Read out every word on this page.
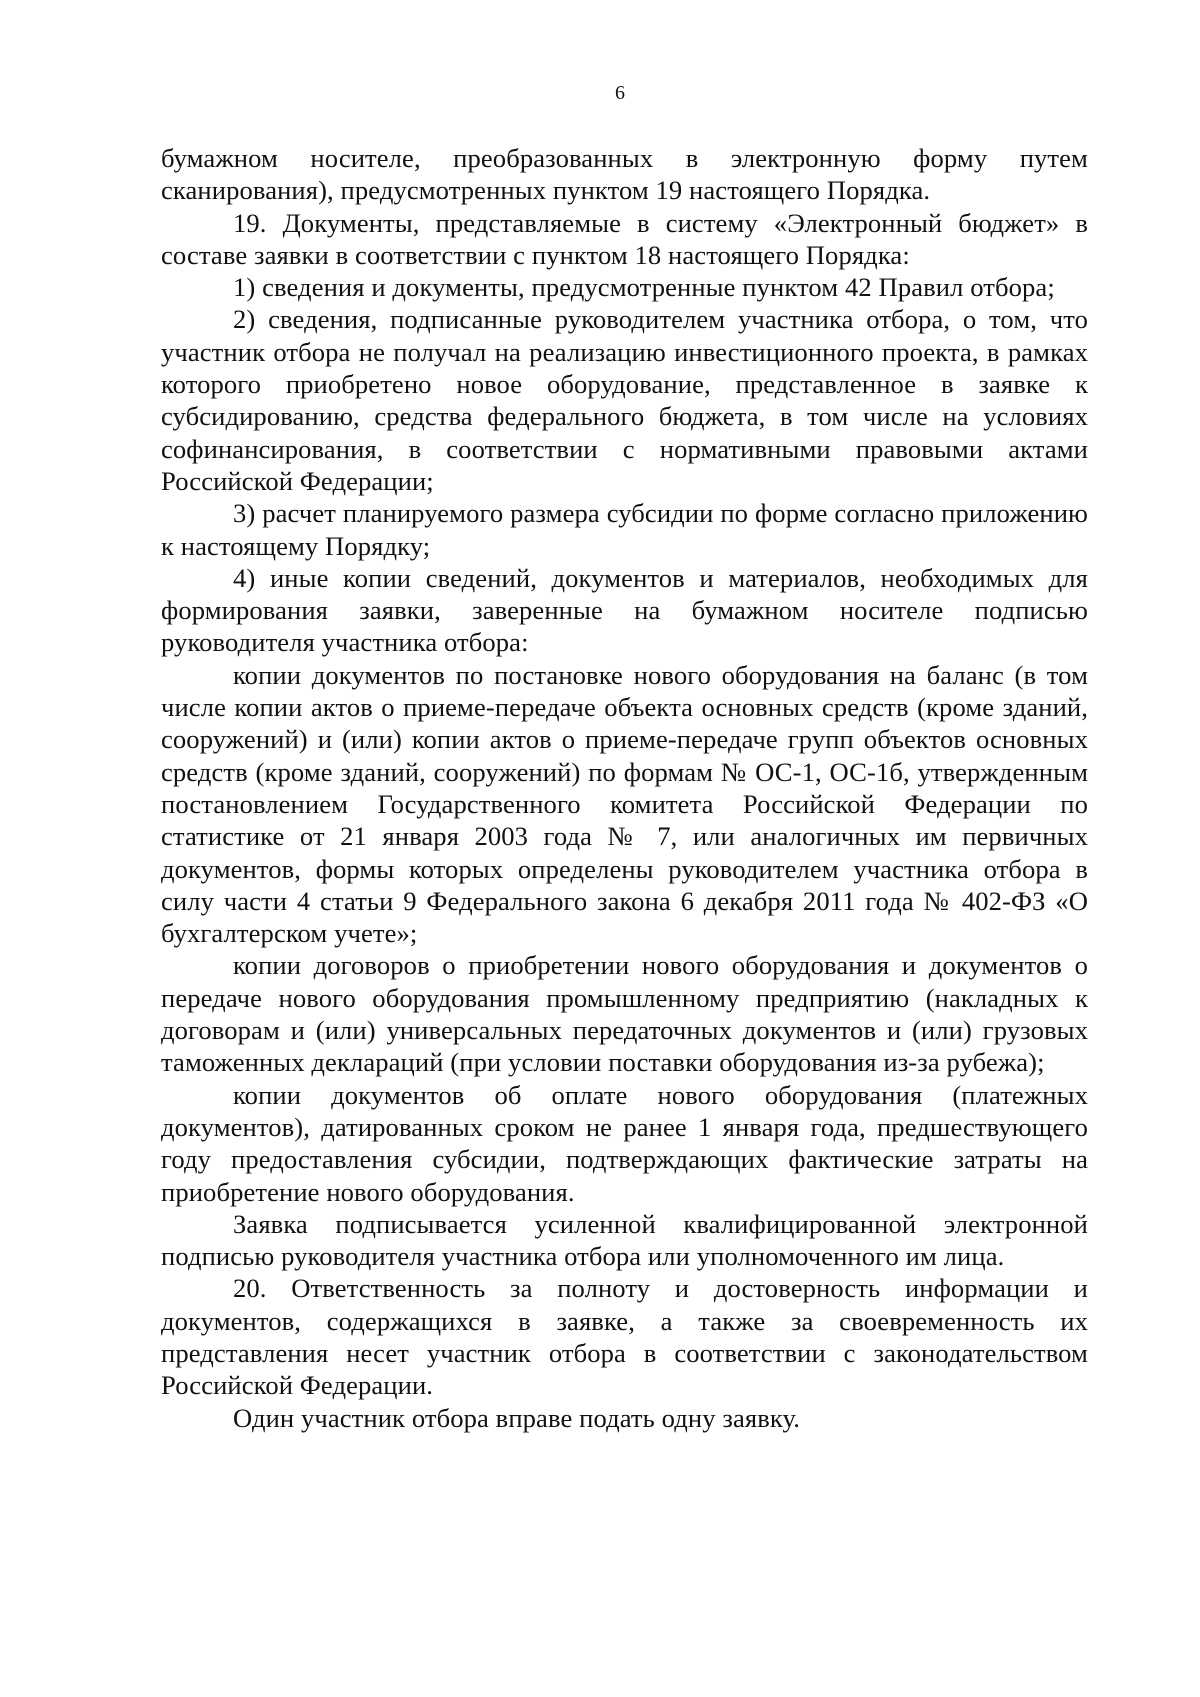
6

бумажном носителе, преобразованных в электронную форму путем сканирования), предусмотренных пунктом 19 настоящего Порядка.

19. Документы, представляемые в систему «Электронный бюджет» в составе заявки в соответствии с пунктом 18 настоящего Порядка:

1) сведения и документы, предусмотренные пунктом 42 Правил отбора;

2) сведения, подписанные руководителем участника отбора, о том, что участник отбора не получал на реализацию инвестиционного проекта, в рамках которого приобретено новое оборудование, представленное в заявке к субсидированию, средства федерального бюджета, в том числе на условиях софинансирования, в соответствии с нормативными правовыми актами Российской Федерации;

3) расчет планируемого размера субсидии по форме согласно приложению к настоящему Порядку;

4) иные копии сведений, документов и материалов, необходимых для формирования заявки, заверенные на бумажном носителе подписью руководителя участника отбора:

копии документов по постановке нового оборудования на баланс (в том числе копии актов о приеме-передаче объекта основных средств (кроме зданий, сооружений) и (или) копии актов о приеме-передаче групп объектов основных средств (кроме зданий, сооружений) по формам № ОС-1, ОС-1б, утвержденным постановлением Государственного комитета Российской Федерации по статистике от 21 января 2003 года № 7, или аналогичных им первичных документов, формы которых определены руководителем участника отбора в силу части 4 статьи 9 Федерального закона 6 декабря 2011 года № 402-ФЗ «О бухгалтерском учете»;

копии договоров о приобретении нового оборудования и документов о передаче нового оборудования промышленному предприятию (накладных к договорам и (или) универсальных передаточных документов и (или) грузовых таможенных деклараций (при условии поставки оборудования из-за рубежа);

копии документов об оплате нового оборудования (платежных документов), датированных сроком не ранее 1 января года, предшествующего году предоставления субсидии, подтверждающих фактические затраты на приобретение нового оборудования.

Заявка подписывается усиленной квалифицированной электронной подписью руководителя участника отбора или уполномоченного им лица.

20. Ответственность за полноту и достоверность информации и документов, содержащихся в заявке, а также за своевременность их представления несет участник отбора в соответствии с законодательством Российской Федерации.

Один участник отбора вправе подать одну заявку.
